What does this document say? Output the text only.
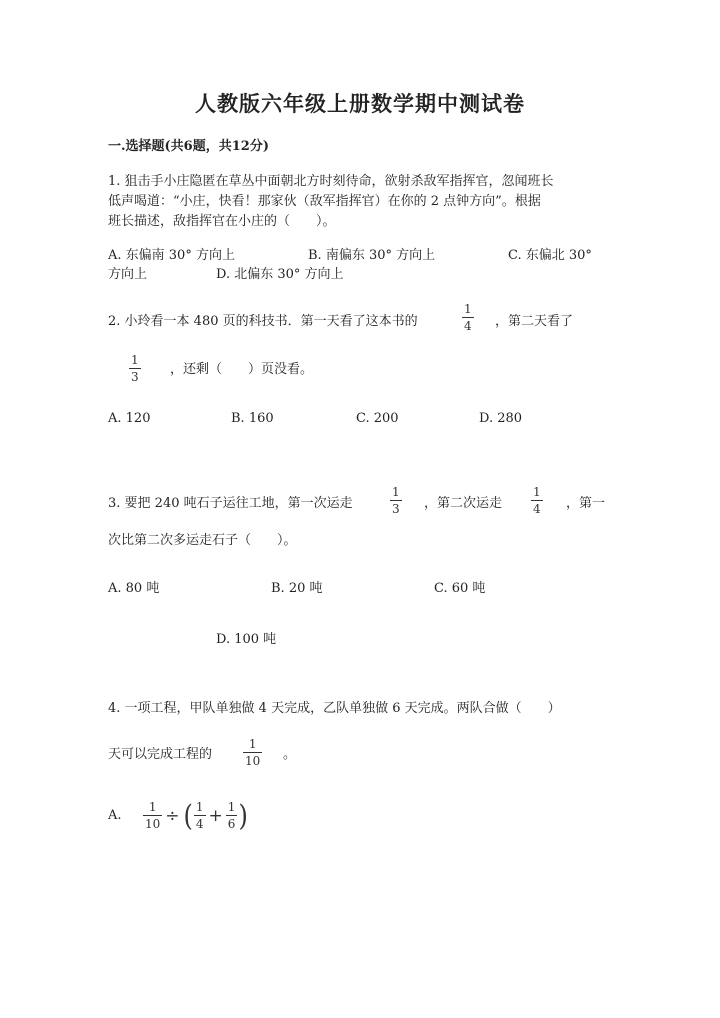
人教版六年级上册数学期中测试卷
一.选择题(共6题，共12分)
1. 狙击手小庄隐匿在草丛中面朝北方时刻待命，欲射杀敌军指挥官，忽闻班长
低声喝道：“小庄，快看！那家伙（敌军指挥官）在你的 2 点钟方向”。根据
班长描述，敌指挥官在小庄的（　　）。
A. 东偏南 30° 方向上	B. 南偏东 30° 方向上	C. 东偏北 30°
方向上	D. 北偏东 30° 方向上
2. 小玲看一本 480 页的科技书．第一天看了这本书的
1
4 ，第二天看了
1
3 ，还剩（　　）页没看。
A. 120	B. 160	C. 200	D. 280
3. 要把 240 吨石子运往工地，第一次运走
1
3 ，第二次运走
1
4 ，第一
次比第二次多运走石子（　　）。
A. 80 吨	B. 20 吨	C. 60 吨
D. 100 吨
4. 一项工程，甲队单独做 4 天完成，乙队单独做 6 天完成。两队合做（　　）
天可以完成工程的
1
10 。
A. $\frac{1}{10}$ ÷ ( $\frac{1}{4} + \frac{1}{6}$ )
